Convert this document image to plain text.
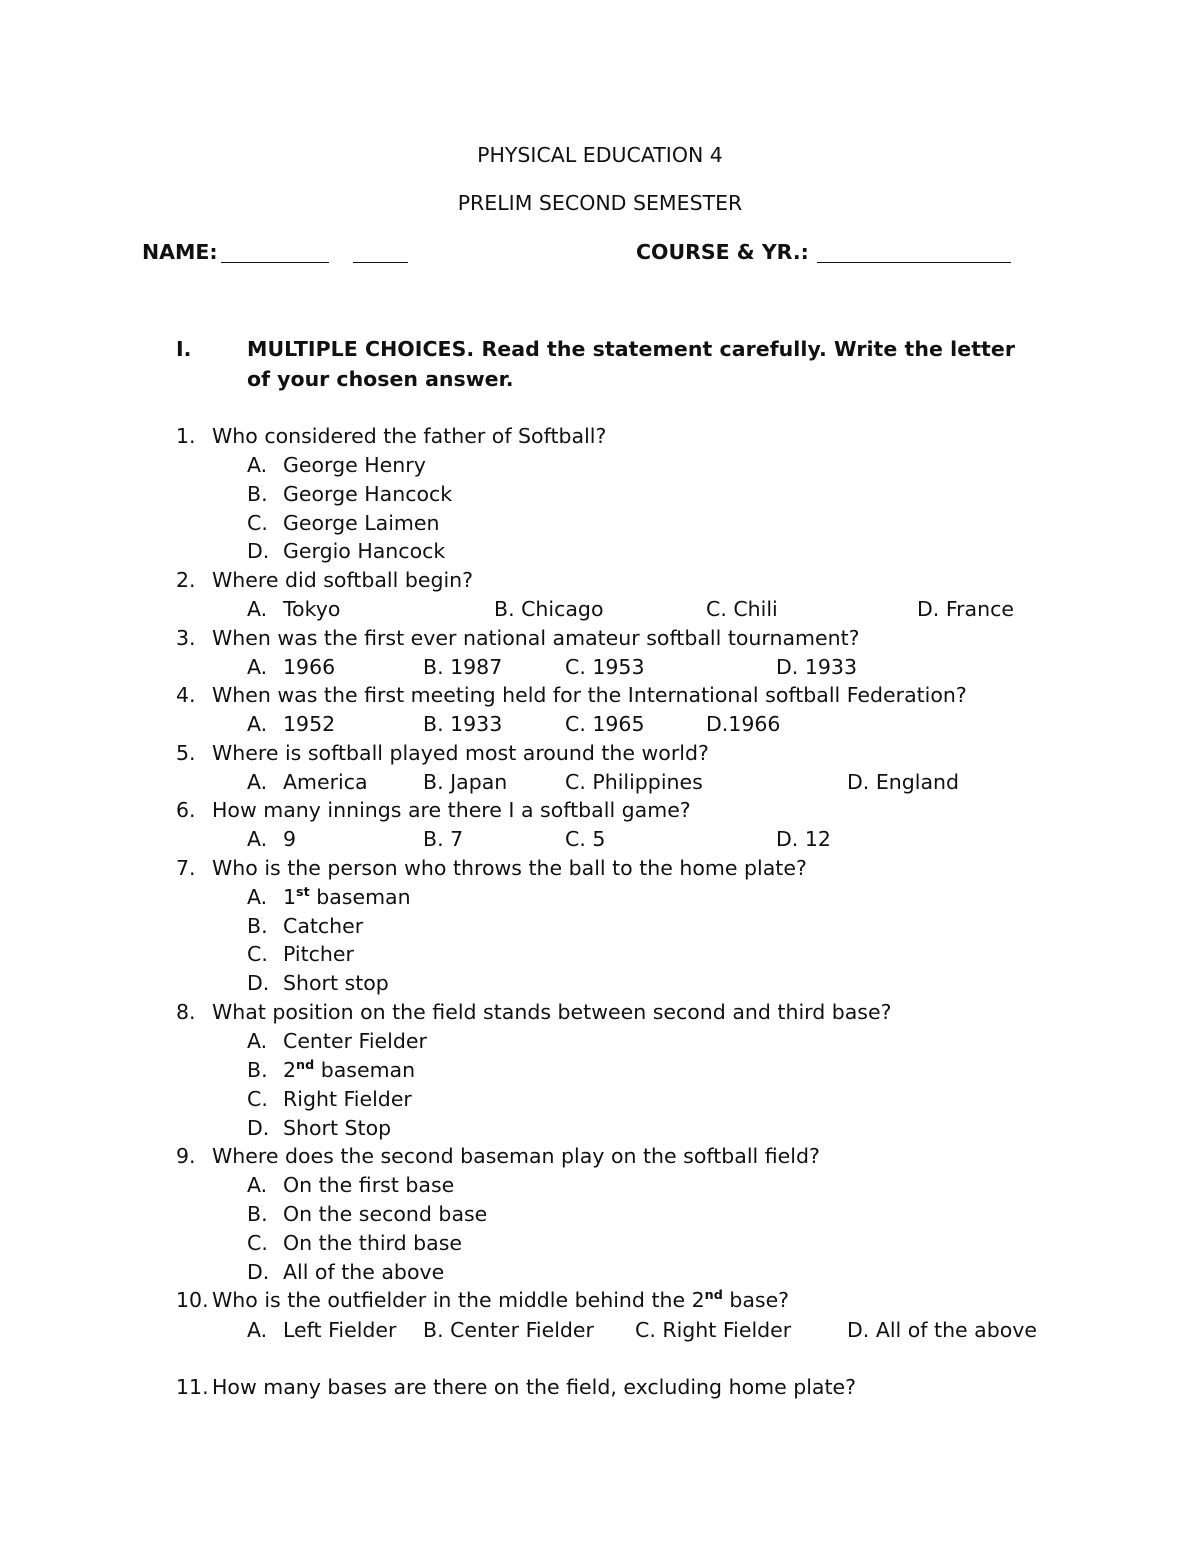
PHYSICAL EDUCATION 4
PRELIM SECOND SEMESTER
NAME:	COURSE & YR.:
I.	MULTIPLE CHOICES. Read the statement carefully. Write the letter
of your chosen answer.
1. Who considered the father of Softball?
A. George Henry
B. George Hancock
C. George Laimen
D. Gergio Hancock
2. Where did softball begin?
A. Tokyo	B. Chicago	C. Chili	D. France
3. When was the first ever national amateur softball tournament?
A. 1966	B. 1987	C. 1953	D. 1933
4. When was the first meeting held for the International softball Federation?
A. 1952	B. 1933	C. 1965	D.1966
5. Where is softball played most around the world?
A. America	B. Japan	C. Philippines	D. England
6. How many innings are there I a softball game?
A. 9	B. 7	C. 5	D. 12
7. Who is the person who throws the ball to the home plate?
A. 1st baseman
B. Catcher
C. Pitcher
D. Short stop
8. What position on the field stands between second and third base?
A. Center Fielder
B. 2nd baseman
C. Right Fielder
D. Short Stop
9. Where does the second baseman play on the softball field?
A. On the first base
B. On the second base
C. On the third base
D. All of the above
10. Who is the outfielder in the middle behind the 2nd base?
A. Left Fielder B. Center Fielder C. Right Fielder	D. All of the above
11. How many bases are there on the field, excluding home plate?
